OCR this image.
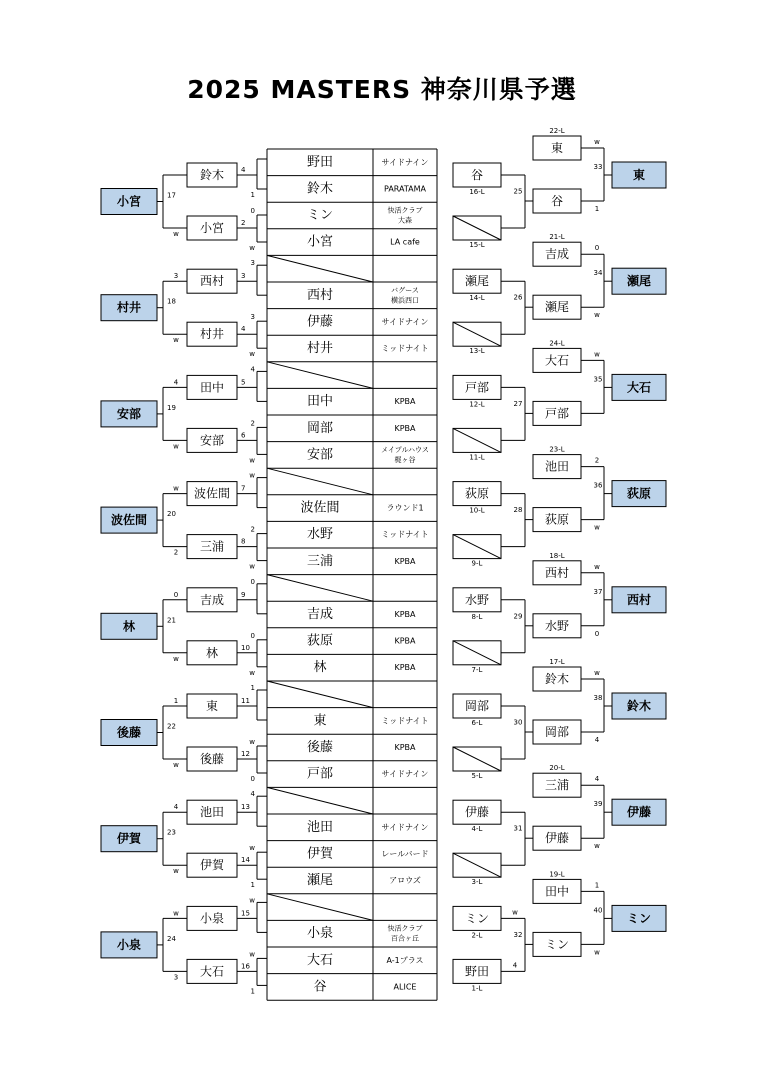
2025 MASTERS 神奈川県予選
野田	サイドナイン
鈴木	PARATAMA
ミン	快活クラブ
大森
小宮	LA cafe
西村	バグース
横浜西口
伊藤	サイドナイン
村井	ミッドナイト
田中	KPBA
岡部	KPBA
安部	メイプルハウス
梶ヶ谷
波佐間	ラウンド1
水野	ミッドナイト
三浦	KPBA
吉成	KPBA
荻原	KPBA
林	KPBA
東	ミッドナイト
後藤	KPBA
戸部	サイドナイン
池田	サイドナイン
伊賀	レールバード
瀬尾	アロウズ
小泉	快活クラブ
百合ヶ丘
大石	A-1プラス
谷	ALICE
鈴木
小宮
4
2
1
0
w
w
17
小宮
西村
村井
3
4
3
3
w
3
w
18
村井
田中
安部
5
6
4
2
w
4
w
19
安部
波佐間
三浦
7
8
w
2
w
w
2
20
波佐間
吉成
林
9
10
0
0
w
0
w
21
林
東
後藤
11
12
1
w
0
1
w
22
後藤
池田
伊賀
13
14
4
w
1
4
w
23
伊賀
小泉
大石
15
16
w
w
1
w
3
24
小泉
谷
16-L
15-L
25
東
22-L
谷
w
1
33
東
瀬尾
14-L
13-L
26
吉成
21-L
瀬尾
0
w
34
瀬尾
戸部
12-L
11-L
27
大石
24-L
戸部
w
35
大石
荻原
10-L
9-L
28
池田
23-L
荻原
2
w
36
荻原
水野
8-L
7-L
29
西村
18-L
水野
w
0
37
西村
岡部
6-L
5-L
30
鈴木
17-L
岡部
w
4
38
鈴木
伊藤
4-L
3-L
31
三浦
20-L
伊藤
4
w
39
伊藤
ミン
2-L
野田
1-L
32
w
4
田中
19-L
ミン
1
w
40
ミン
